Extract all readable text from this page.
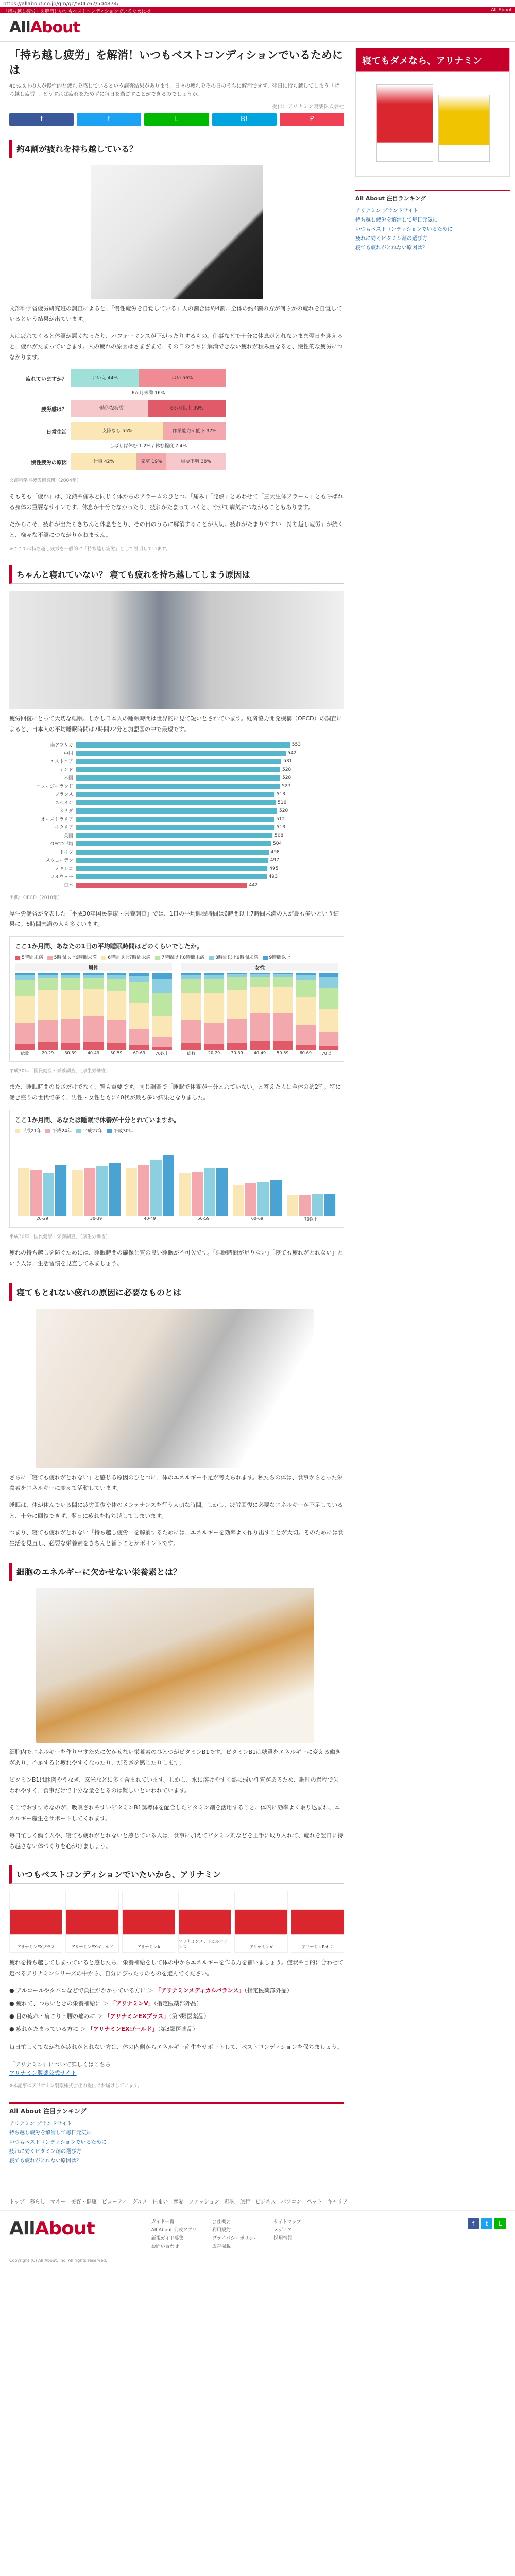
https://allabout.co.jp/gm/gc/504767/504874/
「持ち越し疲労」を解消！いつもベストコンディションでいるためには	All About
AllAbout
「持ち越し疲労」を解消！いつもベストコンディションでいるためには
40%以上の人が慢性的な疲れを感じているという調査結果があります。日々の疲れをその日のうちに解消できず、翌日に持ち越してしまう「持ち越し疲労」。どうすれば疲れをためずに毎日を過ごすことができるのでしょうか。
提供：アリナミン製薬株式会社
f	t	L	B!	P
約4割が疲れを持ち越している？

文部科学省疲労研究班の調査によると、「慢性疲労を自覚している」人の割合は約4割。全体の約4割の方が何らかの疲れを自覚しているという結果が出ています。

人は疲れてくると体調が悪くなったり、パフォーマンスが下がったりするもの。仕事などで十分に休息がとれないまま翌日を迎えると、疲れがたまっていきます。人の疲れの原因はさまざまで、その日のうちに解消できない疲れが積み重なると、慢性的な疲労につながります。

疲れていますか？	いいえ 44%	はい 56%
6か月未満 16%
疲労感は？	一時的な疲労	6か月以上 39%
日常生活	支障なし 55%	作業能力が低下 37%
しばしば休む 1.2% / 休む程度 7.4%
慢性疲労の原因	仕事 42%	家庭 19%	重要不明 38%
文部科学省疲労研究班（2004年）

そもそも「疲れ」は、発熱や痛みと同じく体からのアラームのひとつ。「痛み」「発熱」とあわせて「三大生体アラーム」とも呼ばれる身体の重要なサインです。休息が十分でなかったり、疲れがたまっていくと、やがて病気につながることもあります。

だからこそ、疲れが出たらきちんと休息をとり、その日のうちに解消することが大切。疲れがたまりやすい「持ち越し疲労」が続くと、様々な不調につながりかねません。

※ここでは持ち越し疲労を一般的に「持ち越し疲労」として説明しています。
ちゃんと寝れていない？ 寝ても疲れを持ち越してしまう原因は

疲労回復にとって大切な睡眠。しかし日本人の睡眠時間は世界的に見て短いとされています。経済協力開発機構（OECD）の調査によると、日本人の平均睡眠時間は7時間22分と加盟国の中で最短です。

南アフリカ	553
中国	542
エストニア	531
インド	528
米国	528
ニュージーランド	527
フランス	513
スペイン	516
カナダ	520
オーストラリア	512
イタリア	513
英国	508
OECD平均	504
ドイツ	498
スウェーデン	497
メキシコ	495
ノルウェー	493
日本	442
出典：OECD（2018年）

厚生労働省が発表した「平成30年国民健康・栄養調査」では、1日の平均睡眠時間は6時間以上7時間未満の人が最も多いという結果に。6時間未満の人も多くいます。

ここ1か月間、あなたの1日の平均睡眠時間はどのくらいでしたか。
5時間未満	5時間以上6時間未満	6時間以上7時間未満	7時間以上8時間未満	8時間以上9時間未満	9時間以上
男性
総数	20-29	30-39	40-49	50-59	60-69	70以上
女性
総数	20-29	30-39	40-49	50-59	60-69	70以上
平成30年「国民健康・栄養調査」（厚生労働省）

また、睡眠時間の長さだけでなく、質も重要です。同じ調査で「睡眠で休養が十分とれていない」と答えた人は全体の約2割。特に働き盛りの世代で多く、男性・女性ともに40代が最も多い結果となりました。

ここ1か月間、あなたは睡眠で休養が十分とれていますか。
平成21年	平成24年	平成27年	平成30年
20-29	30-39	40-49	50-59	60-69	70以上
平成30年「国民健康・栄養調査」（厚生労働省）

疲れの持ち越しを防ぐためには、睡眠時間の確保と質の良い睡眠が不可欠です。「睡眠時間が足りない」「寝ても疲れがとれない」という人は、生活習慣を見直してみましょう。

寝てもとれない疲れの原因に必要なものとは

さらに「寝ても疲れがとれない」と感じる原因のひとつに、体のエネルギー不足が考えられます。私たちの体は、食事からとった栄養素をエネルギーに変えて活動しています。

睡眠は、体が休んでいる間に疲労回復や体のメンテナンスを行う大切な時間。しかし、疲労回復に必要なエネルギーが不足していると、十分に回復できず、翌日に疲れを持ち越してしまいます。

つまり、寝ても疲れがとれない「持ち越し疲労」を解消するためには、エネルギーを効率よく作り出すことが大切。そのためには食生活を見直し、必要な栄養素をきちんと補うことがポイントです。

細胞のエネルギーに欠かせない栄養素とは？

細胞内でエネルギーを作り出すために欠かせない栄養素のひとつがビタミンB1です。ビタミンB1は糖質をエネルギーに変える働きがあり、不足すると疲れやすくなったり、だるさを感じたりします。

ビタミンB1は豚肉やうなぎ、玄米などに多く含まれています。しかし、水に溶けやすく熱に弱い性質があるため、調理の過程で失われやすく、食事だけで十分な量をとるのは難しいといわれています。

そこでおすすめなのが、吸収されやすいビタミンB1誘導体を配合したビタミン剤を活用すること。体内に効率よく取り込まれ、エネルギー産生をサポートしてくれます。

毎日忙しく働く人や、寝ても疲れがとれないと感じている人は、食事に加えてビタミン剤などを上手に取り入れて、疲れを翌日に持ち越さない体づくりを心がけましょう。

いつもベストコンディションでいたいから、アリナミン
アリナミンEXプラス	アリナミンEXゴールド	アリナミンA
アリナミンメディカルバランス	アリナミンV	アリナミンRオフ

疲れを持ち越してしまっていると感じたら、栄養補給をして体の中からエネルギーを作る力を補いましょう。症状や目的に合わせて選べるアリナミンシリーズの中から、自分にぴったりのものを選んでください。

● アルコールやタバコなどで負担がかかっている方に ＞ 「アリナミンメディカルバランス」（指定医薬部外品）
● 疲れて、つらいときの栄養補給に ＞ 「アリナミンV」（指定医薬部外品）
● 目の疲れ・肩こり・腰の痛みに ＞ 「アリナミンEXプラス」（第3類医薬品）
● 疲れがたまっている方に ＞ 「アリナミンEXゴールド」（第3類医薬品）

毎日忙しくてなかなか疲れがとれない方は、体の内側からエネルギー産生をサポートして、ベストコンディションを保ちましょう。

「アリナミン」について詳しくはこちら
アリナミン製薬公式サイト
※本記事はアリナミン製薬株式会社の提供でお届けしています。
All About 注目ランキング
アリナミン ブランドサイト
持ち越し疲労を解消して毎日元気に
いつもベストコンディションでいるために
疲れに効くビタミン剤の選び方
寝ても疲れがとれない原因は？
寝てもダメなら、アリナミン
All About 注目ランキング
アリナミン ブランドサイト
持ち越し疲労を解消して毎日元気に
いつもベストコンディションでいるために
疲れに効くビタミン剤の選び方
寝ても疲れがとれない原因は？
トップ 暮らし マネー 美容・健康 ビューティ グルメ 住まい 恋愛 ファッション 趣味 旅行 ビジネス パソコン ペット キャリア
AllAbout	ガイド一覧
All About 公式アプリ
新規ガイド募集
お問い合わせ
会社概要
利用規約
プライバシーポリシー
広告掲載
サイトマップ
メディア
採用情報
f	t	L
Copyright (C) All About, Inc. All rights reserved.
